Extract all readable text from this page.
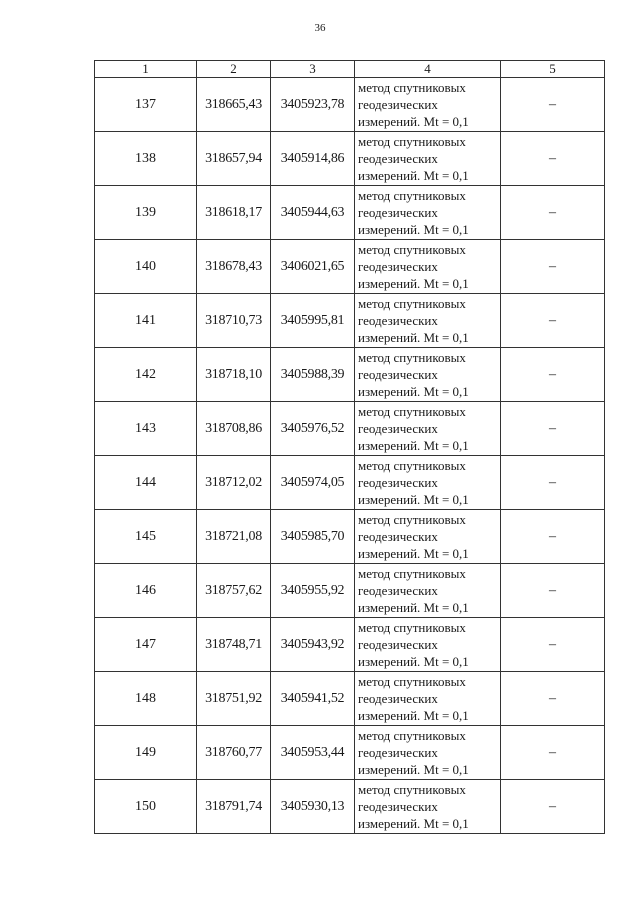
36
1	2	3	4	5
137	318665,43	3405923,78	метод спутниковых
геодезических
измерений. Mt = 0,1	–
138	318657,94	3405914,86	метод спутниковых
геодезических
измерений. Mt = 0,1	–
139	318618,17	3405944,63	метод спутниковых
геодезических
измерений. Mt = 0,1	–
140	318678,43	3406021,65	метод спутниковых
геодезических
измерений. Mt = 0,1	–
141	318710,73	3405995,81	метод спутниковых
геодезических
измерений. Mt = 0,1	–
142	318718,10	3405988,39	метод спутниковых
геодезических
измерений. Mt = 0,1	–
143	318708,86	3405976,52	метод спутниковых
геодезических
измерений. Mt = 0,1	–
144	318712,02	3405974,05	метод спутниковых
геодезических
измерений. Mt = 0,1	–
145	318721,08	3405985,70	метод спутниковых
геодезических
измерений. Mt = 0,1	–
146	318757,62	3405955,92	метод спутниковых
геодезических
измерений. Mt = 0,1	–
147	318748,71	3405943,92	метод спутниковых
геодезических
измерений. Mt = 0,1	–
148	318751,92	3405941,52	метод спутниковых
геодезических
измерений. Mt = 0,1	–
149	318760,77	3405953,44	метод спутниковых
геодезических
измерений. Mt = 0,1	–
150	318791,74	3405930,13	метод спутниковых
геодезических
измерений. Mt = 0,1	–
